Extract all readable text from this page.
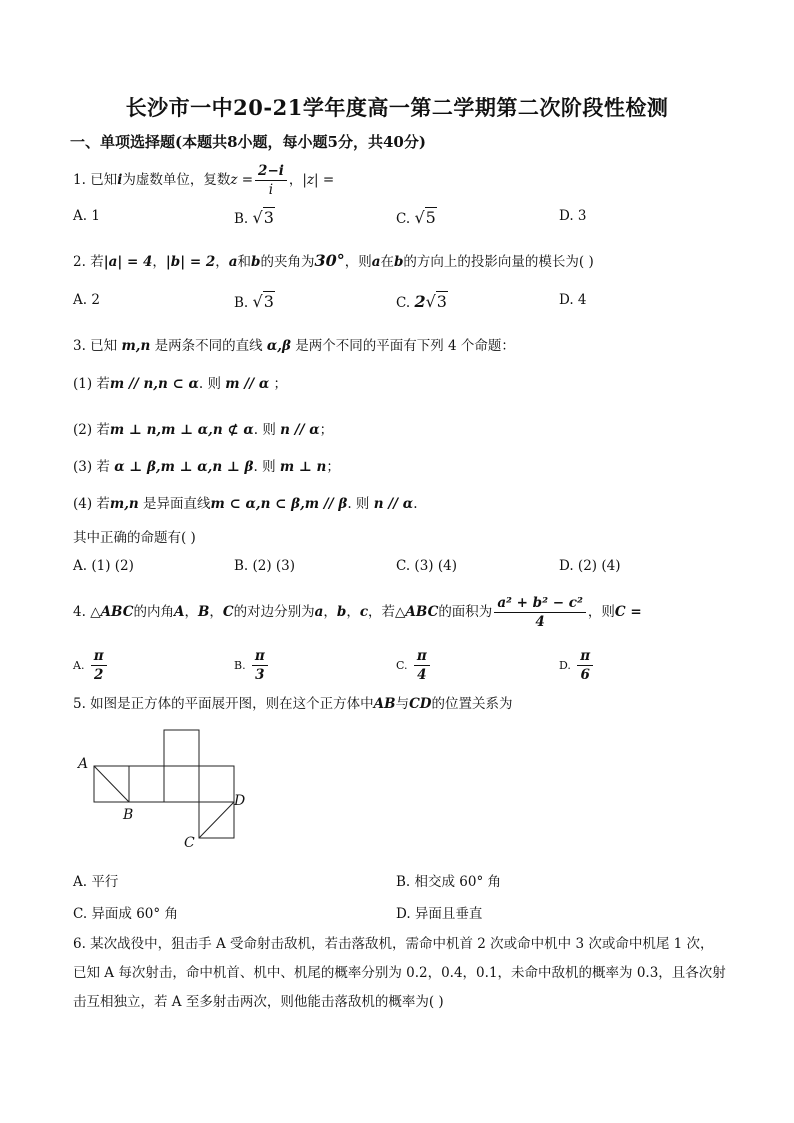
长沙市一中20-21学年度高一第二学期第二次阶段性检测
一、单项选择题(本题共8小题，每小题5分，共40分)
1. 已知i为虚数单位，复数$z = \frac{2-i}{i}$ ，|z| =
A. 1	B. √3	C. √5	D. 3
2. 若|a| = 4，|b| = 2，a和b的夹角为30°，则a在b的方向上的投影向量的模长为( )
A. 2	B. √3	C. 2√3	D. 4
3. 已知 m,n 是两条不同的直线 α,β 是两个不同的平面有下列 4 个命题：
(1) 若m // n,n ⊂ α. 则 m // α ；
(2) 若m ⊥ n,m ⊥ α,n ⊄ α. 则 n // α；
(3) 若 α ⊥ β,m ⊥ α,n ⊥ β. 则 m ⊥ n；
(4) 若m,n 是异面直线m ⊂ α,n ⊂ β,m // β. 则 n // α.
其中正确的命题有( )
A. (1) (2)	B. (2) (3)	C. (3) (4)	D. (2) (4)
4. △ABC的内角A，B，C的对边分别为a，b，c，若△ABC的面积为 $\frac{\text{a² + b² − c²}}{4}$ ，则C =
A. $\frac{\pi}{2}$	B. $\frac{\pi}{3}$	C. $\frac{\pi}{4}$	D. $\frac{\pi}{6}$
5. 如图是正方体的平面展开图，则在这个正方体中AB与CD的位置关系为
A
B
C
D
A. 平行	B. 相交成 60° 角
C. 异面成 60° 角	D. 异面且垂直
6. 某次战役中，狙击手 A 受命射击敌机，若击落敌机，需命中机首 2 次或命中机中 3 次或命中机尾 1 次，
已知 A 每次射击，命中机首、机中、机尾的概率分别为 0.2，0.4，0.1，未命中敌机的概率为 0.3，且各次射
击互相独立，若 A 至多射击两次，则他能击落敌机的概率为( )
